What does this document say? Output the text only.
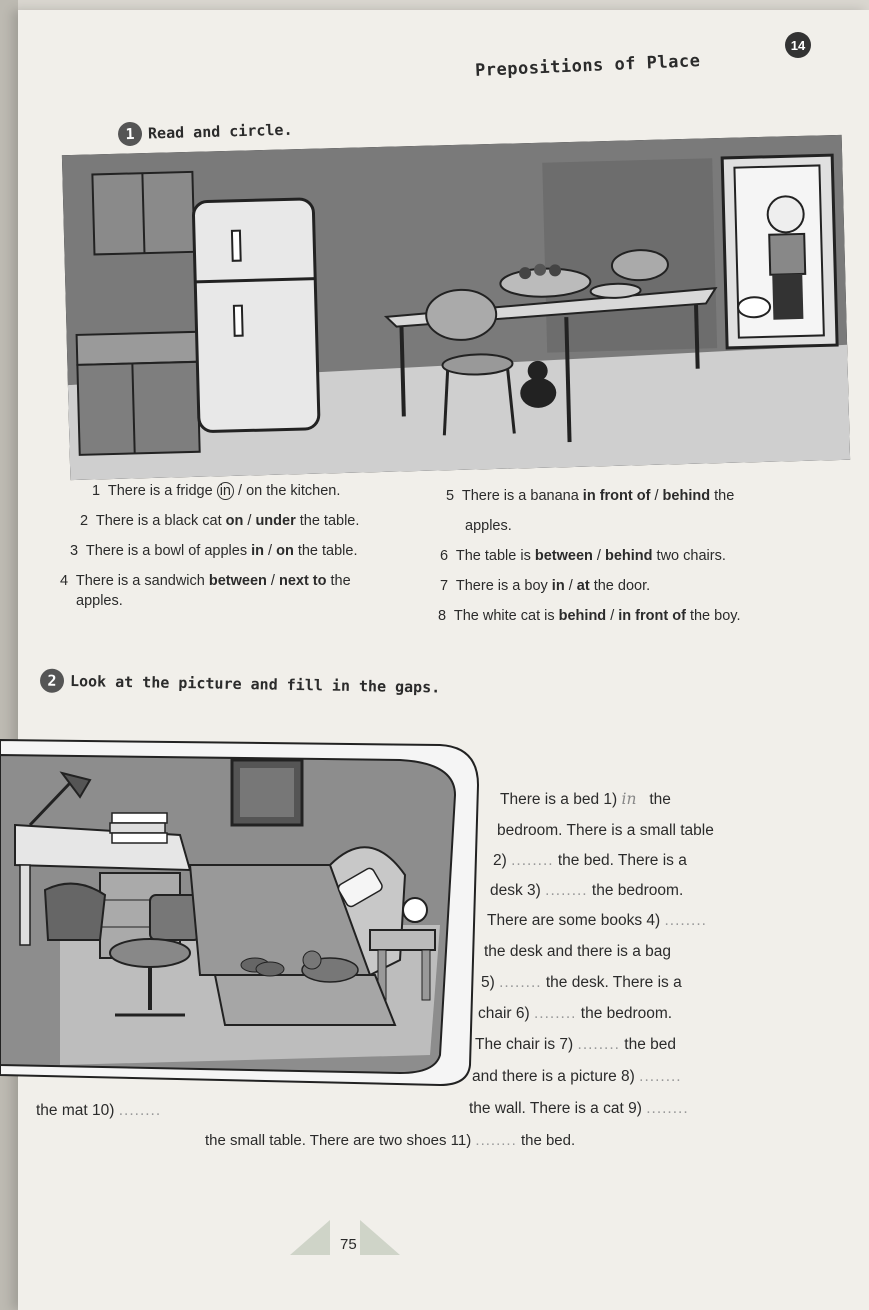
Prepositions of Place
14
1 Read and circle.
1 There is a fridge in / on the kitchen.
2 There is a black cat on / under the table.
3 There is a bowl of apples in / on the table.
4 There is a sandwich between / next to the
apples.
5 There is a banana in front of / behind the
apples.
6 The table is between / behind two chairs.
7 There is a boy in / at the door.
8 The white cat is behind / in front of the boy.
2 Look at the picture and fill in the gaps.
There is a bed 1) in the
bedroom. There is a small table
2) ........ the bed. There is a
desk 3) ........ the bedroom.
There are some books 4) ........
the desk and there is a bag
5) ........ the desk. There is a
chair 6) ........ the bedroom.
The chair is 7) ........ the bed
and there is a picture 8) ........
the wall. There is a cat 9) ........
the mat 10) ........
the small table. There are two shoes 11) ........ the bed.
75
